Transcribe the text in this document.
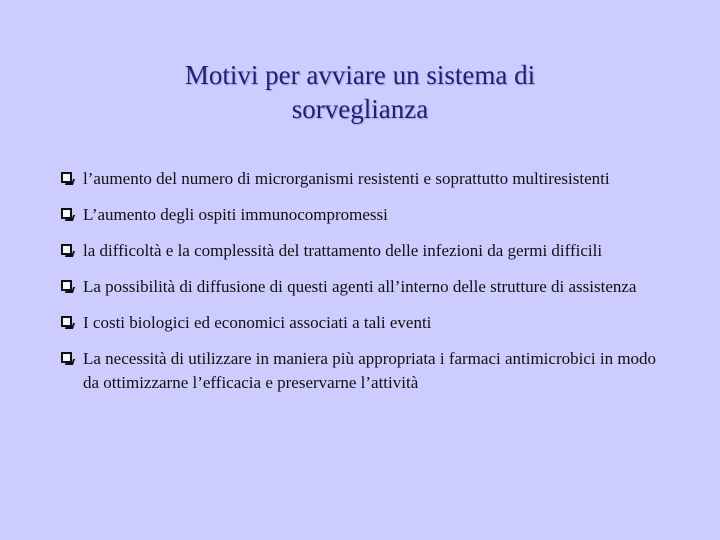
Motivi per avviare un sistema di
sorveglianza
l’aumento del numero di microrganismi resistenti e soprattutto multiresistenti
L’aumento degli ospiti immunocompromessi
la difficoltà e la complessità del trattamento delle infezioni da germi difficili
La possibilità di diffusione di questi agenti all’interno delle strutture di assistenza
I costi biologici ed economici associati a tali eventi
La necessità di utilizzare in maniera più appropriata i farmaci antimicrobici in modo da ottimizzarne l’efficacia e preservarne l’attività
